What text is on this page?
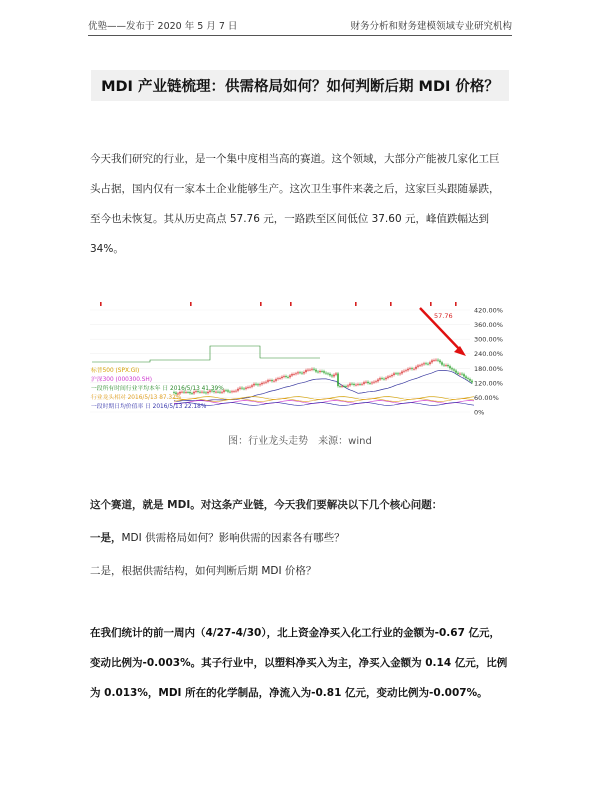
优塾——发布于 2020 年 5 月 7 日	财务分析和财务建模领域专业研究机构
MDI 产业链梳理：供需格局如何？如何判断后期 MDI 价格？
今天我们研究的行业，是一个集中度相当高的赛道。这个领域，大部分产能被几家化工巨头占据，国内仅有一家本土企业能够生产。这次卫生事件来袭之后，这家巨头跟随暴跌，至今也未恢复。其从历史高点 57.76 元，一路跌至区间低位 37.60 元，峰值跌幅达到 34%。
57.76
标普500 (SPX.GI)
沪深300 (000300.SH)
一段所有时间行业平均本年 日 2016/5/13 41.39%
行业龙头相对 2016/5/13 87.32%
一段时期日均价值率 日 2016/5/13 22.18%
420.00%
360.00%
300.00%
240.00%
180.00%
120.00%
60.00%
0%
图：行业龙头走势　来源：wind
这个赛道，就是 MDI。对这条产业链，今天我们要解决以下几个核心问题：
一是，MDI 供需格局如何？影响供需的因素各有哪些？
二是，根据供需结构，如何判断后期 MDI 价格？
在我们统计的前一周内（4/27-4/30），北上资金净买入化工行业的金额为-0.67 亿元，变动比例为-0.003%。其子行业中，以塑料净买入为主，净买入金额为 0.14 亿元，比例为 0.013%，MDI 所在的化学制品，净流入为-0.81 亿元，变动比例为-0.007%。
